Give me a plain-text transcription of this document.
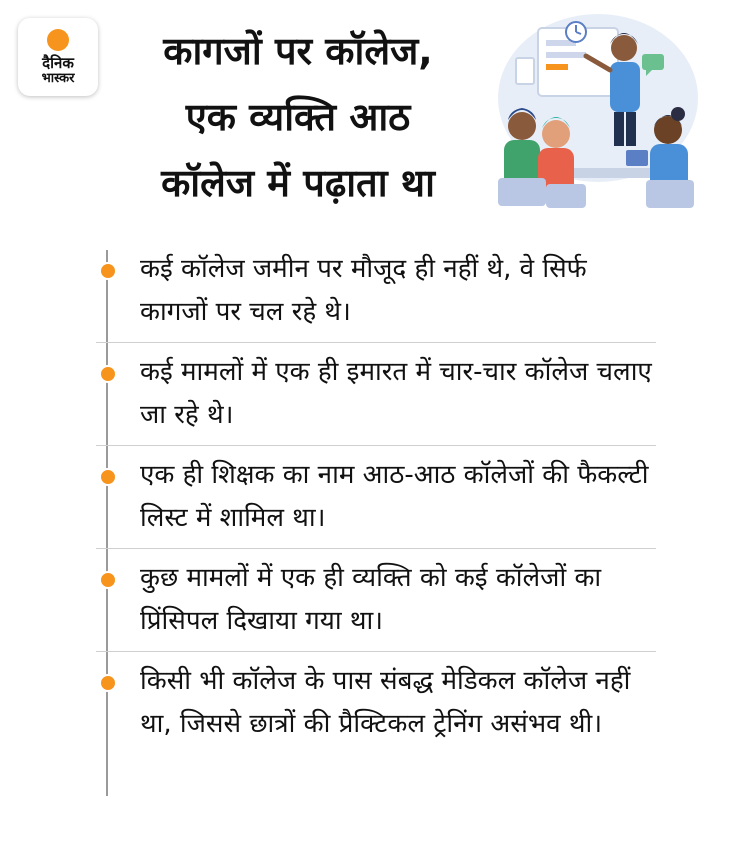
दैनिक
भास्कर
कागजों पर कॉलेज,
एक व्यक्ति आठ
कॉलेज में पढ़ाता था
कई कॉलेज जमीन पर मौजूद ही नहीं थे, वे सिर्फ कागजों पर चल रहे थे।
कई मामलों में एक ही इमारत में चार-चार कॉलेज चलाए जा रहे थे।
एक ही शिक्षक का नाम आठ-आठ कॉलेजों की फैकल्टी लिस्ट में शामिल था।
कुछ मामलों में एक ही व्यक्ति को कई कॉलेजों का प्रिंसिपल दिखाया गया था।
किसी भी कॉलेज के पास संबद्ध मेडिकल कॉलेज नहीं था, जिससे छात्रों की प्रैक्टिकल ट्रेनिंग असंभव थी।
